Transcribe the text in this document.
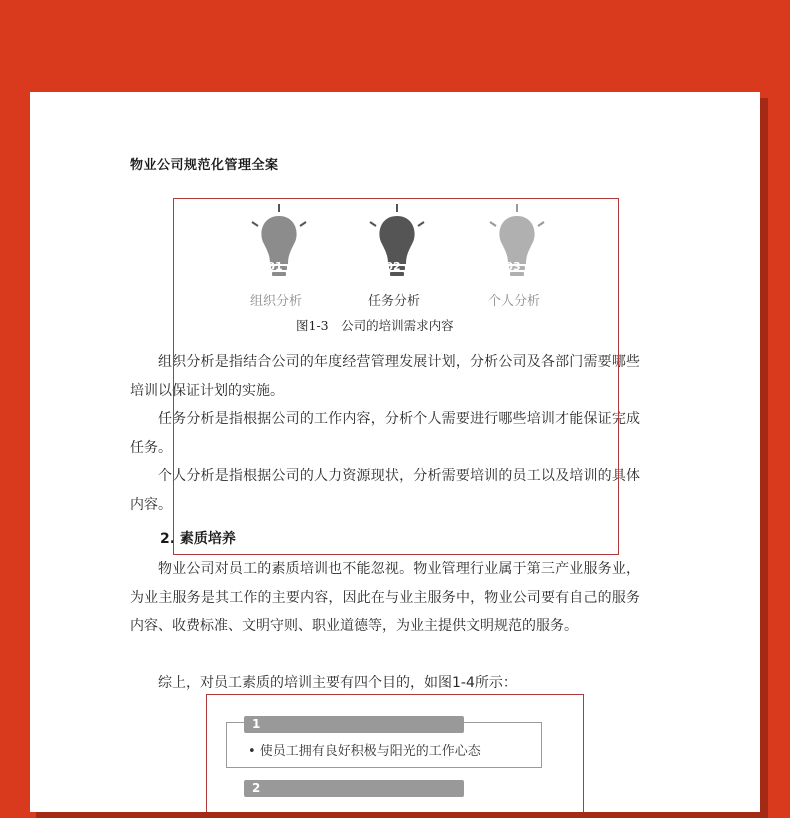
物业公司规范化管理全案
01
组织分析
02
任务分析
03
个人分析
图1-3　公司的培训需求内容

组织分析是指结合公司的年度经营管理发展计划，分析公司及各部门需要哪些培训以保证计划的实施。

任务分析是指根据公司的工作内容，分析个人需要进行哪些培训才能保证完成任务。

个人分析是指根据公司的人力资源现状，分析需要培训的员工以及培训的具体内容。

2. 素质培养

物业公司对员工的素质培训也不能忽视。物业管理行业属于第三产业服务业，为业主服务是其工作的主要内容，因此在与业主服务中，物业公司要有自己的服务内容、收费标准、文明守则、职业道德等，为业主提供文明规范的服务。

综上，对员工素质的培训主要有四个目的，如图1-4所示：

1
• 使员工拥有良好积极与阳光的工作心态
2
